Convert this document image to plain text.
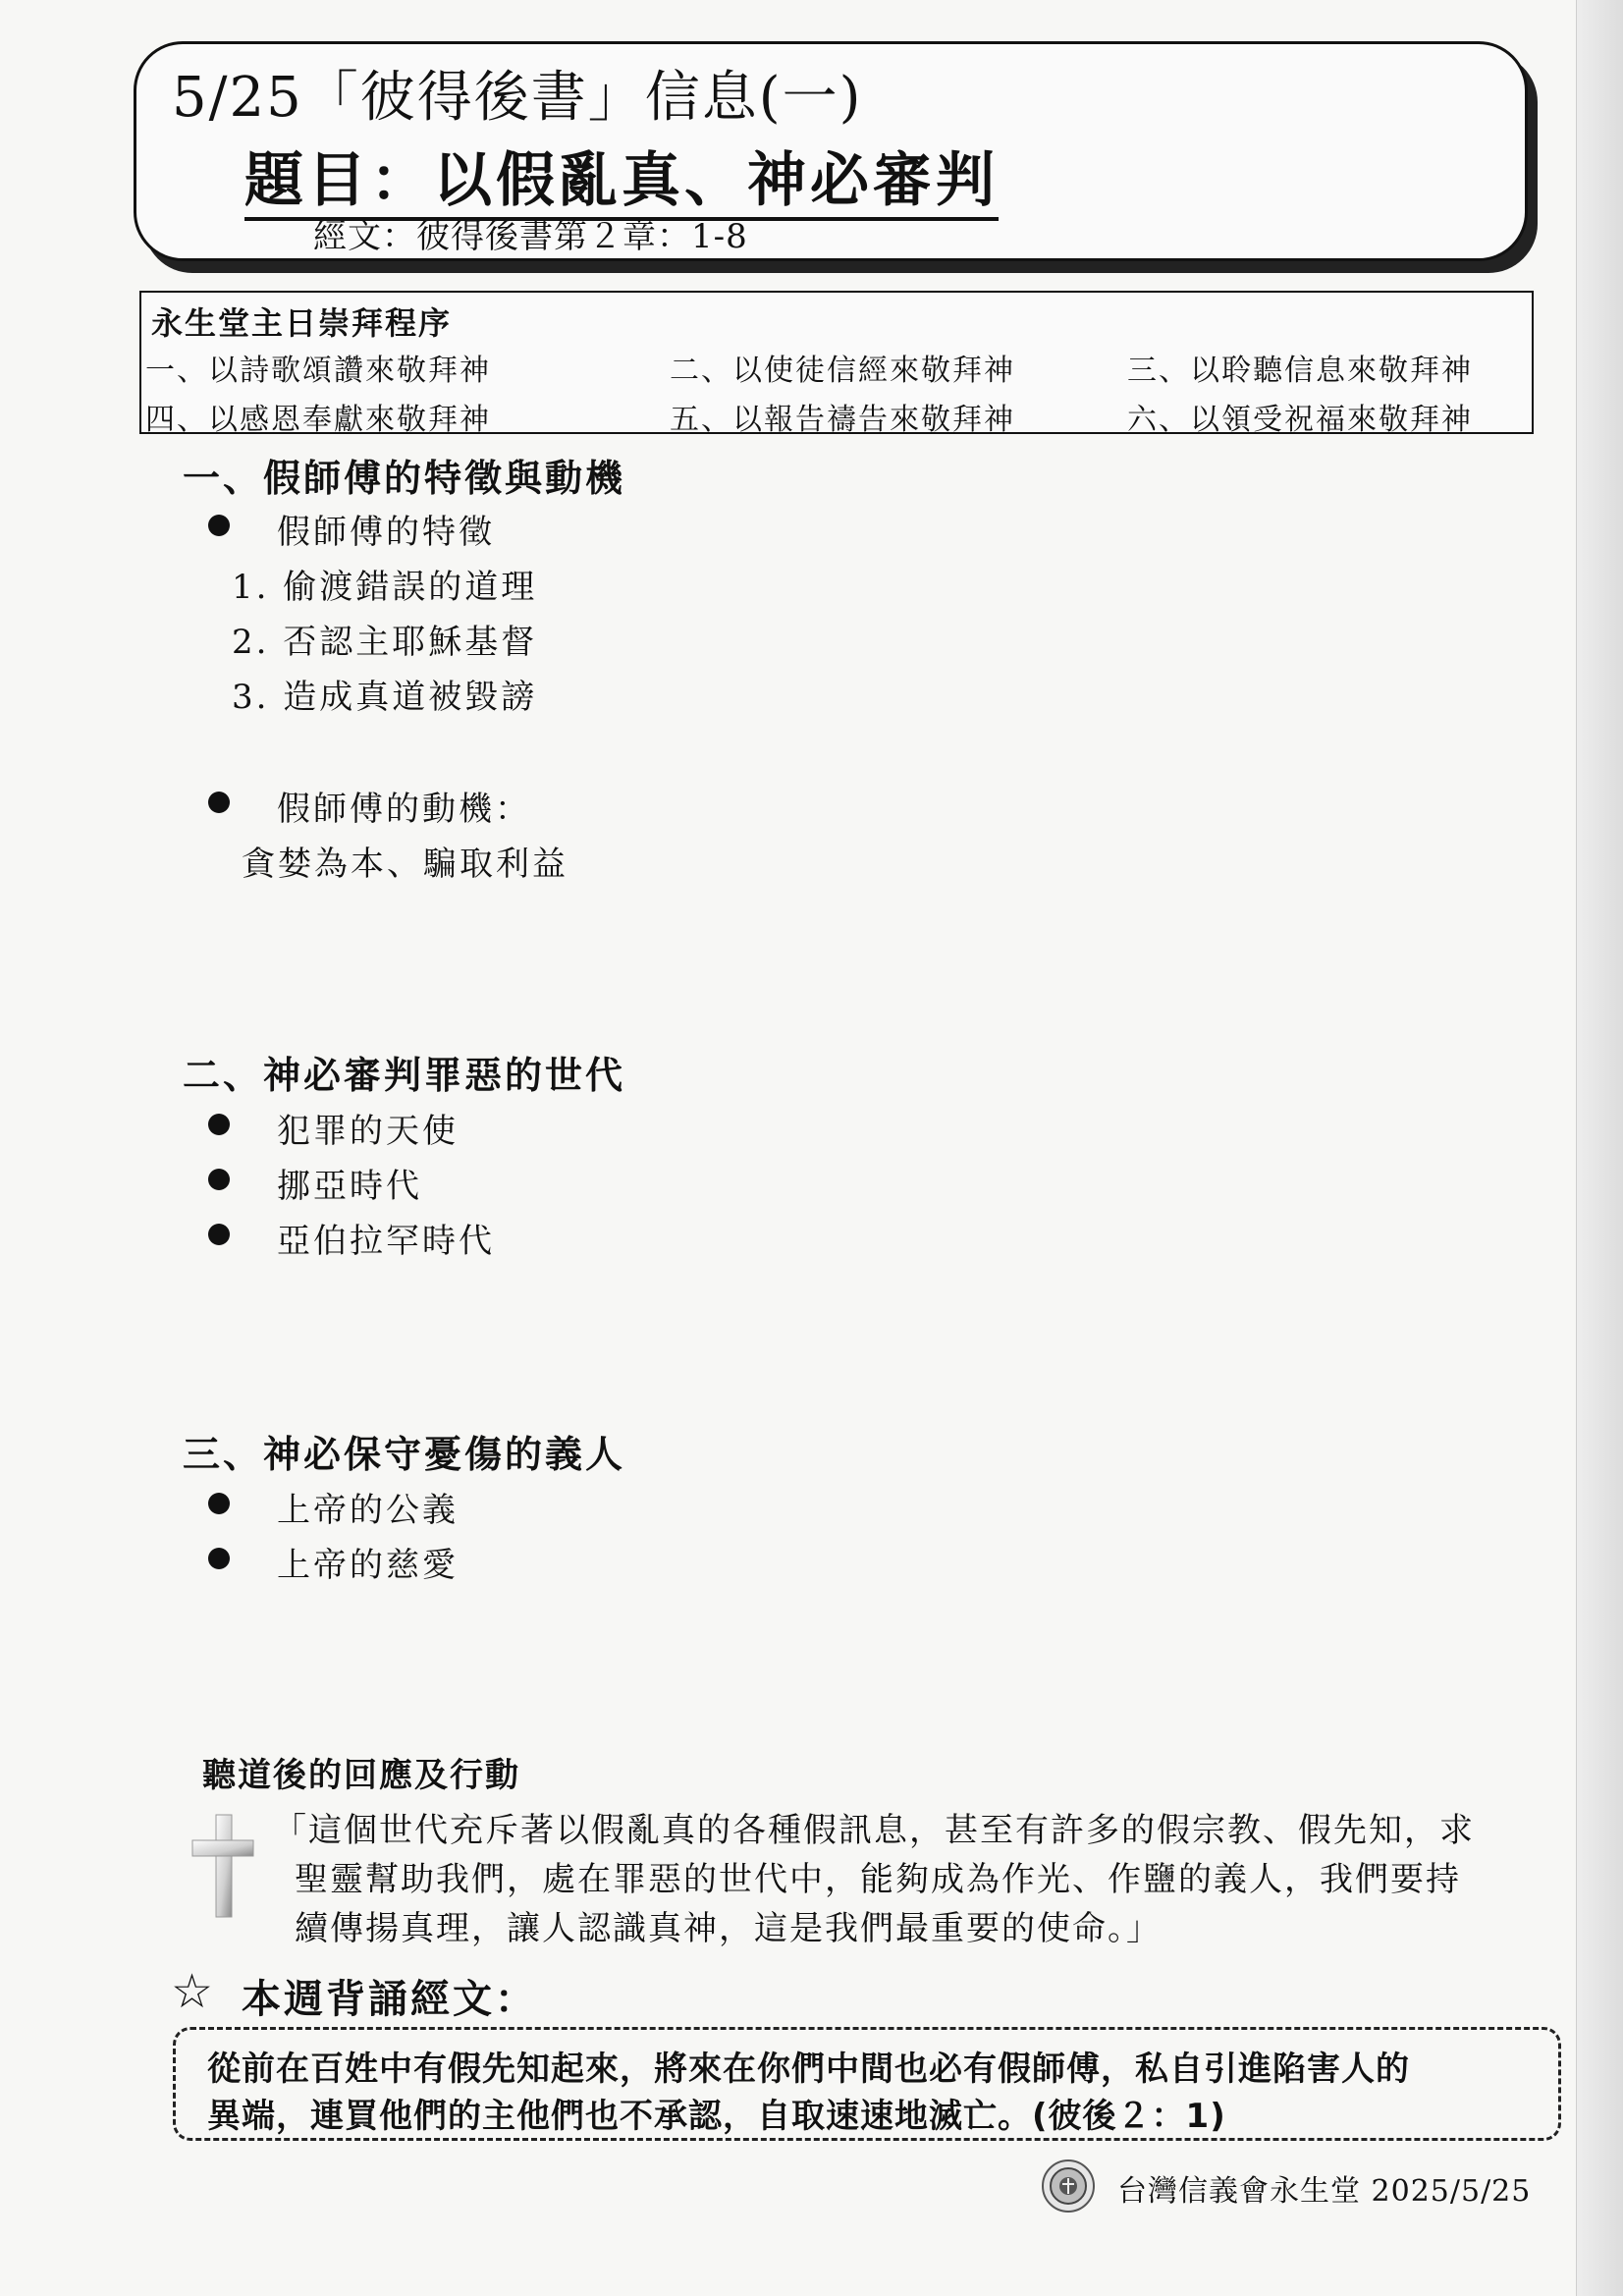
5/25「彼得後書」信息(一)
題目：以假亂真、神必審判
經文：彼得後書第２章：1-8
永生堂主日崇拜程序
一、以詩歌頌讚來敬拜神	二、以使徒信經來敬拜神	三、以聆聽信息來敬拜神
四、以感恩奉獻來敬拜神	五、以報告禱告來敬拜神	六、以領受祝福來敬拜神
一、假師傅的特徵與動機
假師傅的特徵
1. 偷渡錯誤的道理
2. 否認主耶穌基督
3. 造成真道被毀謗
假師傅的動機：
貪婪為本、騙取利益
二、神必審判罪惡的世代
犯罪的天使
挪亞時代
亞伯拉罕時代
三、神必保守憂傷的義人
上帝的公義
上帝的慈愛
聽道後的回應及行動
「這個世代充斥著以假亂真的各種假訊息，甚至有許多的假宗教、假先知，求
聖靈幫助我們，處在罪惡的世代中，能夠成為作光、作鹽的義人，我們要持
續傳揚真理，讓人認識真神，這是我們最重要的使命。」
☆ 本週背誦經文：
從前在百姓中有假先知起來，將來在你們中間也必有假師傅，私自引進陷害人的
異端，連買他們的主他們也不承認，自取速速地滅亡。(彼後２：1)
台灣信義會永生堂 2025/5/25
